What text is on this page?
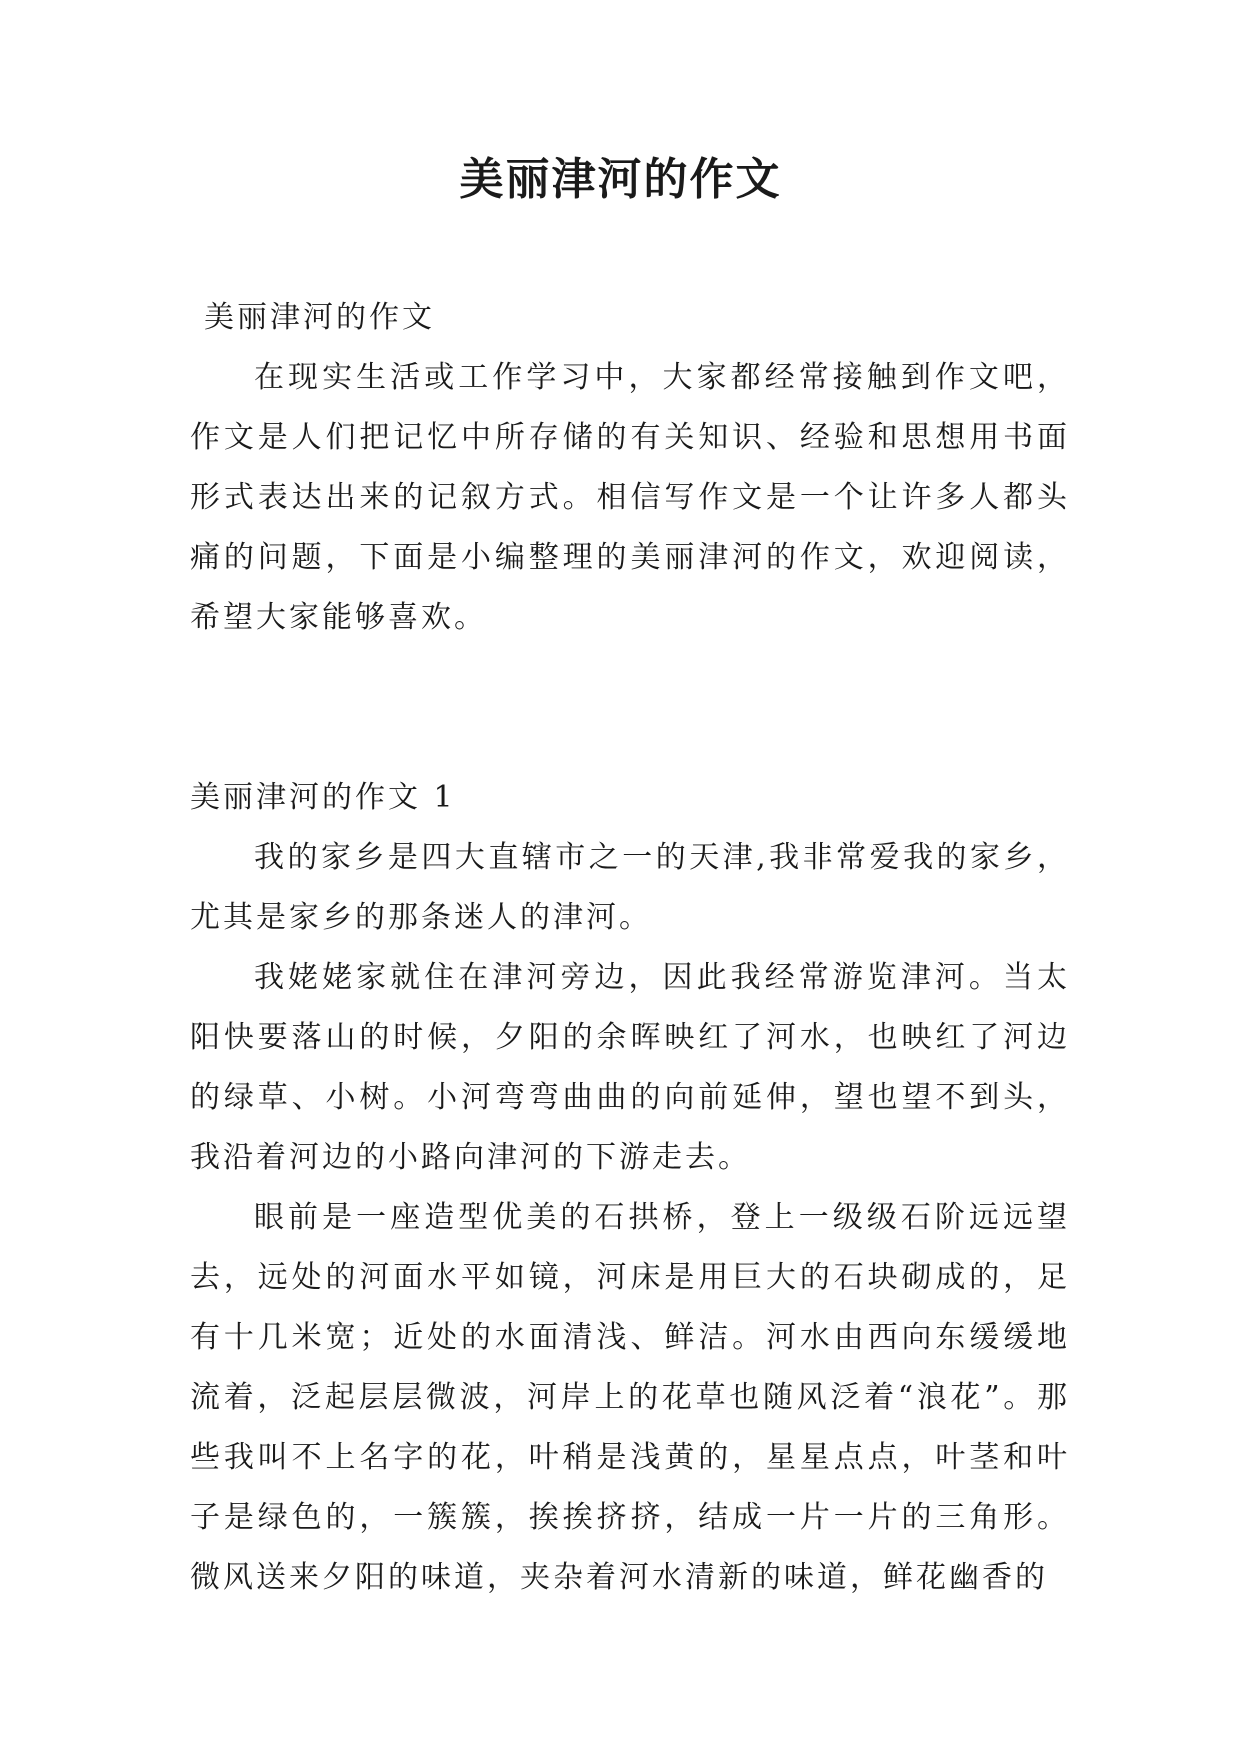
美丽津河的作文

美丽津河的作文

在现实生活或工作学习中，大家都经常接触到作文吧，作文是人们把记忆中所存储的有关知识、经验和思想用书面形式表达出来的记叙方式。相信写作文是一个让许多人都头痛的问题，下面是小编整理的美丽津河的作文，欢迎阅读，希望大家能够喜欢。

美丽津河的作文 1

我的家乡是四大直辖市之一的天津,我非常爱我的家乡，尤其是家乡的那条迷人的津河。

我姥姥家就住在津河旁边，因此我经常游览津河。当太阳快要落山的时候，夕阳的余晖映红了河水，也映红了河边的绿草、小树。小河弯弯曲曲的向前延伸，望也望不到头，我沿着河边的小路向津河的下游走去。

眼前是一座造型优美的石拱桥，登上一级级石阶远远望去，远处的河面水平如镜，河床是用巨大的石块砌成的，足有十几米宽；近处的水面清浅、鲜洁。河水由西向东缓缓地流着，泛起层层微波，河岸上的花草也随风泛着“浪花”。那些我叫不上名字的花，叶稍是浅黄的，星星点点，叶茎和叶子是绿色的，一簇簇，挨挨挤挤，结成一片一片的三角形。微风送来夕阳的味道，夹杂着河水清新的味道，鲜花幽香的
